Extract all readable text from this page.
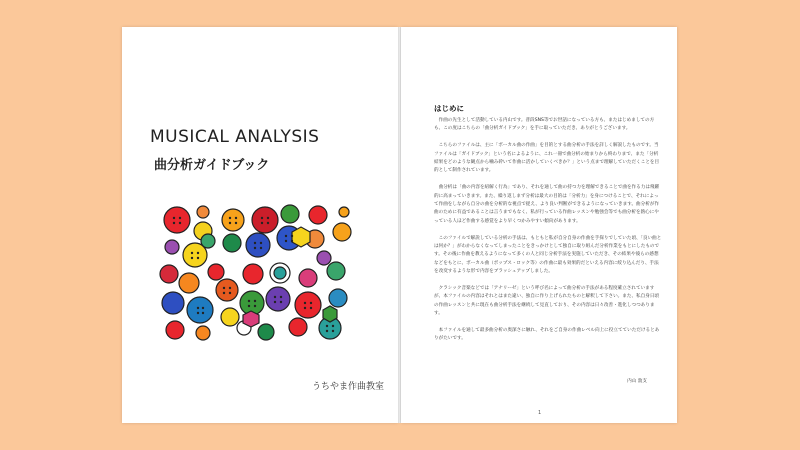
MUSICAL ANALYSIS
曲分析ガイドブック
うちやま作曲教室
はじめに

作曲の先生として活動している内山です。普段SNS等でお世話になっている方も、またはじめましての方も、この度はこちらの「曲分析ガイドブック」を手に取っていただき、ありがとうございます。

こちらのファイルは、主に「ボーカル曲の作曲」を目的とする曲分析の手法を詳しく解説したものです。当ファイルは「ガイドブック」という名によるように、これ一冊で曲分析の始まりから終わりまで、また「分析結果をどのような観点から噛み砕いて作曲に活かしていくべきか？」という点まで理解していただくことを目的として制作されています。

曲分析は「曲の内容を紐解く行為」であり、それを通して曲の持つ力を理解できることで曲を作る力は飛躍的に高まっていきます。また、繰り返しまず分析は最大の目的は「分析力」を身につけることで、それによって作曲をしながら自分の曲を分析的な視点で捉え、より良い判断ができるようになっていきます。曲分析が作曲のために有益であることは言うまでもなく、私が行っている作曲レッスンや勉強会等でも曲分析を熱心にやっている人ほど作曲する感覚をより早くつかみやすい傾向があります。

このファイルで解説している分析の手法は、もともと私が自分自身の作曲を手探りでしていた頃、「良い曲とは何か？」がわからなくなってしまったことをきっかけとして独自に取り組んだ分析作業をもとにしたものです。その後に作曲を教えるようになって多くの人と同じ分析手法を実施していただき、その結果や彼らの感想などをもとに、ボーカル曲（ポップス・ロック等）の作曲に最も効果的だといえる内容に絞り込んだり、手法を改変するような形で内容をブラッシュアップしました。

クラシック音楽などでは「アナリーゼ」という呼び名によって曲分析の手法がある程度確立されていますが、本ファイルの内容はそれとはまた違い、独自に作り上げられたものと解釈して下さい。また、私自身日頃の作曲レッスンと共に現在も曲分析手法を継続して見直しており、その内容は日々改善・進化しつつあります。

本ファイルを通して最多曲分析の奥深さに触れ、それをご自身の作曲レベル向上に役立てていただけるとありがたいです。

内山 敦支
1
